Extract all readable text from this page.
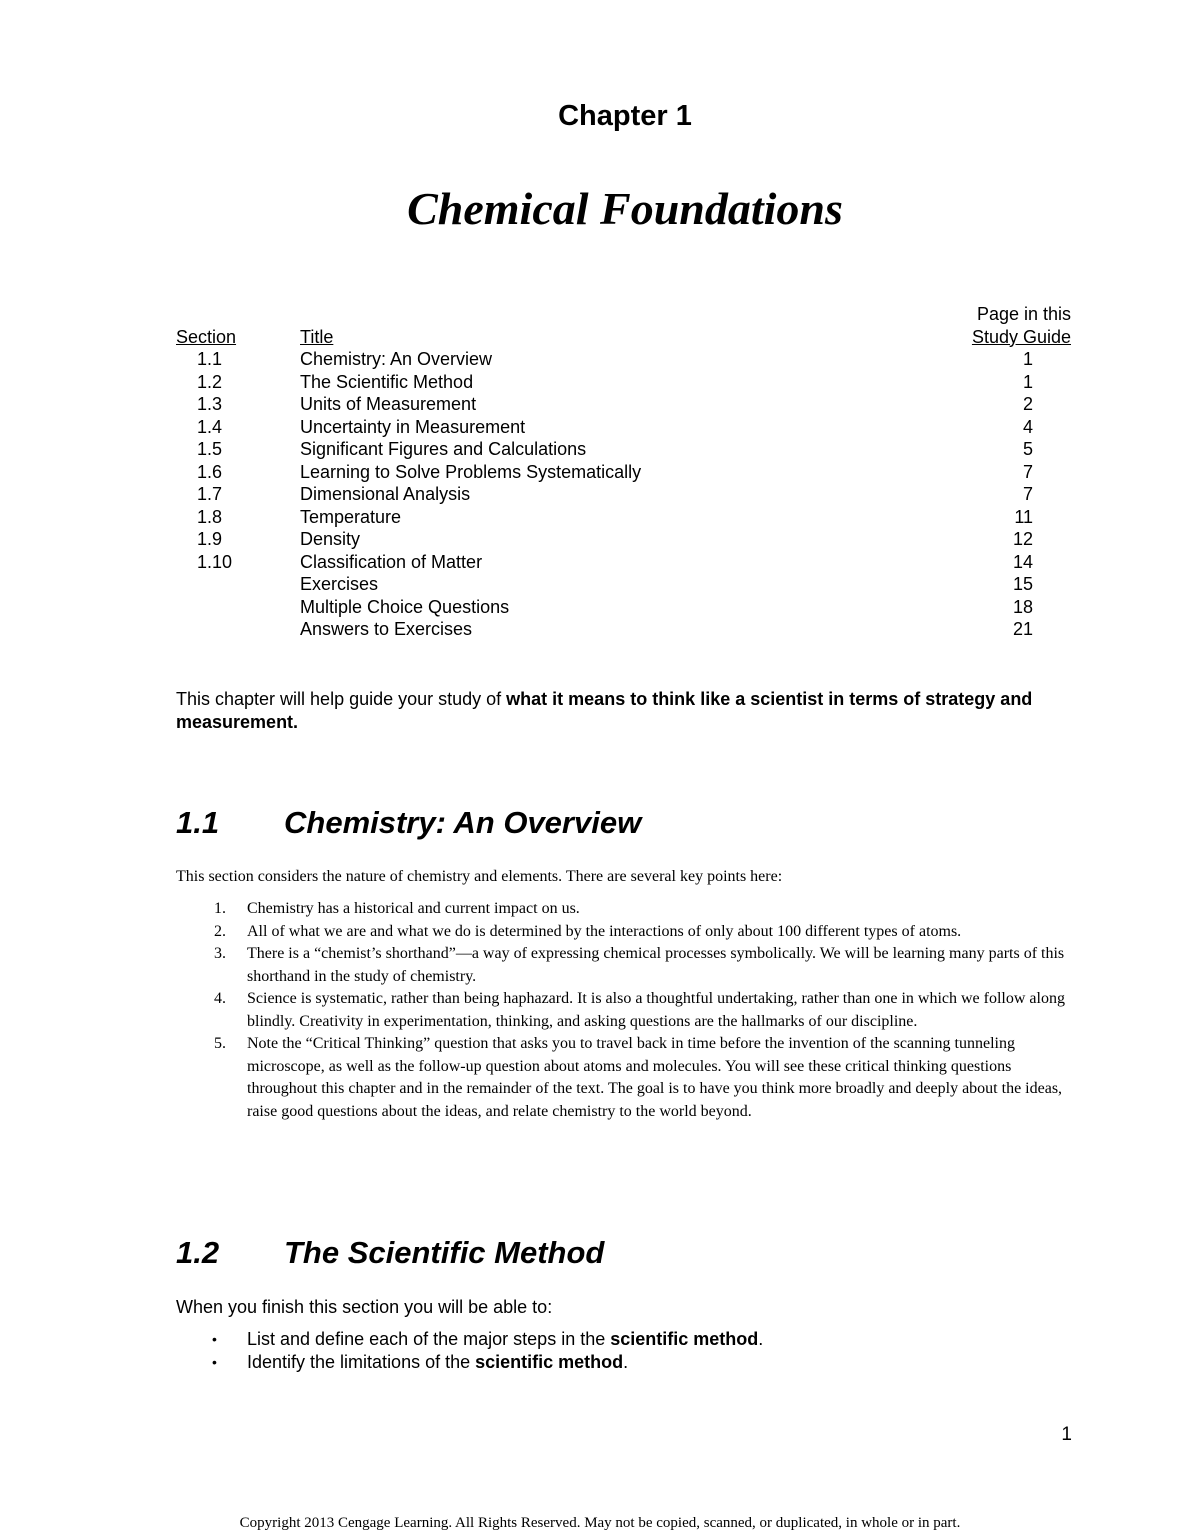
Chapter 1
Chemical Foundations
Page in this
Section	Title	Study Guide
1.1	Chemistry: An Overview	1
1.2	The Scientific Method	1
1.3	Units of Measurement	2
1.4	Uncertainty in Measurement	4
1.5	Significant Figures and Calculations	5
1.6	Learning to Solve Problems Systematically	7
1.7	Dimensional Analysis	7
1.8	Temperature	11
1.9	Density	12
1.10	Classification of Matter	14
Exercises	15
Multiple Choice Questions	18
Answers to Exercises	21
This chapter will help guide your study of what it means to think like a scientist in terms of strategy and measurement.
1.1 Chemistry: An Overview
This section considers the nature of chemistry and elements. There are several key points here:
1. Chemistry has a historical and current impact on us.
2. All of what we are and what we do is determined by the interactions of only about 100 different types of atoms.
3. There is a “chemist’s shorthand”—a way of expressing chemical processes symbolically. We will be learning many parts of this shorthand in the study of chemistry.
4. Science is systematic, rather than being haphazard. It is also a thoughtful undertaking, rather than one in which we follow along blindly. Creativity in experimentation, thinking, and asking questions are the hallmarks of our discipline.
5. Note the “Critical Thinking” question that asks you to travel back in time before the invention of the scanning tunneling microscope, as well as the follow-up question about atoms and molecules. You will see these critical thinking questions throughout this chapter and in the remainder of the text. The goal is to have you think more broadly and deeply about the ideas, raise good questions about the ideas, and relate chemistry to the world beyond.
1.2 The Scientific Method
When you finish this section you will be able to:
• List and define each of the major steps in the scientific method.
• Identify the limitations of the scientific method.
1
Copyright 2013 Cengage Learning. All Rights Reserved. May not be copied, scanned, or duplicated, in whole or in part.
